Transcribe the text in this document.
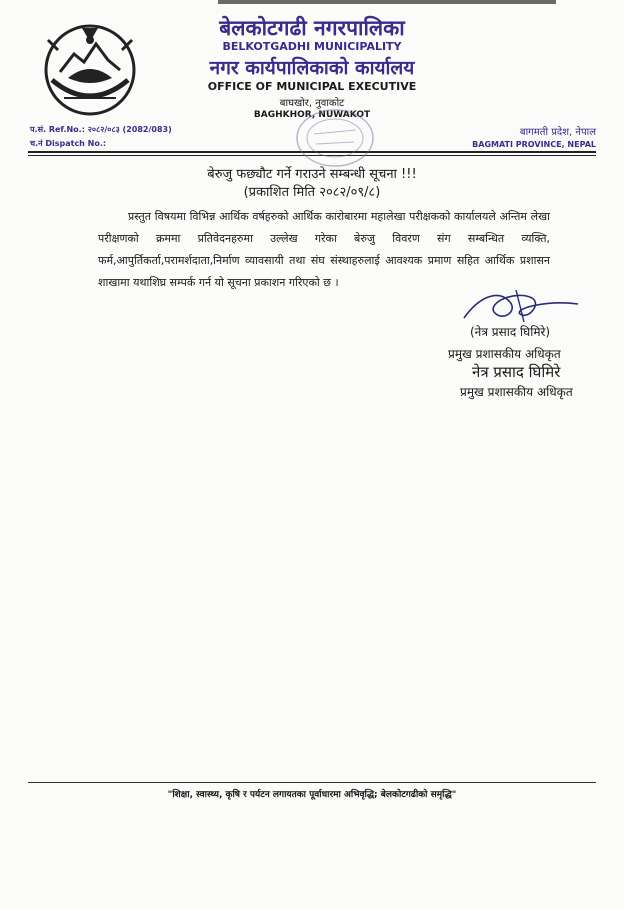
बेलकोटगढी नगरपालिका
BELKOTGADHI MUNICIPALITY
नगर कार्यपालिकाको कार्यालय
OFFICE OF MUNICIPAL EXECUTIVE
बाघखोर, नुवाकोट
BAGHKHOR, NUWAKOT
प.सं. Ref.No.: २०८२/०८३ (2082/083)
च.नं Dispatch No.:
बागमती प्रदेश, नेपाल
BAGMATI PROVINCE, NEPAL
बेरुजु फछ्यौट गर्ने गराउने सम्बन्धी सूचना !!!
(प्रकाशित मिति २०८२/०९/८)
प्रस्तुत विषयमा विभिन्न आर्थिक वर्षहरुको आर्थिक कारोबारमा महालेखा परीक्षकको कार्यालयले अन्तिम लेखा परीक्षणको क्रममा प्रतिवेदनहरुमा उल्लेख गरेका बेरुजु विवरण संग सम्बन्धित व्यक्ति, फर्म,आपुर्तिकर्ता,परामर्शदाता,निर्माण व्यावसायी तथा संघ संस्थाहरुलाई आवश्यक प्रमाण सहित आर्थिक प्रशासन शाखामा यथाशिघ्र सम्पर्क गर्न यो सूचना प्रकाशन गरिएको छ ।
(नेत्र प्रसाद घिमिरे)
प्रमुख प्रशासकीय अधिकृत
नेत्र प्रसाद घिमिरे
प्रमुख प्रशासकीय अधिकृत
"शिक्षा, स्वास्थ्य, कृषि र पर्यटन लगायतका पूर्वाधारमा अभिवृद्धि; बेलकोटगढीको समृद्धि"
